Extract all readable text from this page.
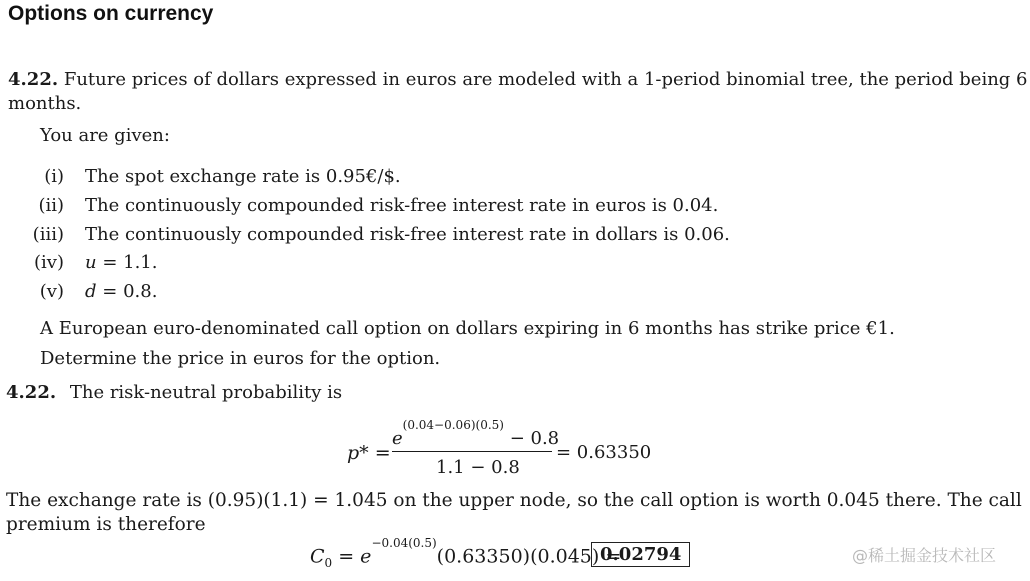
Options on currency
4.22. Future prices of dollars expressed in euros are modeled with a 1-period binomial tree, the period being 6
months.
You are given:
(i) The spot exchange rate is 0.95€/$.
(ii) The continuously compounded risk-free interest rate in euros is 0.04.
(iii) The continuously compounded risk-free interest rate in dollars is 0.06.
(iv) u = 1.1.
(v) d = 0.8.
A European euro-denominated call option on dollars expiring in 6 months has strike price €1.
Determine the price in euros for the option.
4.22. The risk-neutral probability is
p* =
$e^{(0.04-0.06)(0.5)} - 0.8$
1.1 − 0.8
= 0.63350
The exchange rate is (0.95)(1.1) = 1.045 on the upper node, so the call option is worth 0.045 there. The call
premium is therefore
$C_0 = e^{-0.04(0.5)}(0.63350)(0.045)$ =
0.02794	@稀土掘金技术社区
